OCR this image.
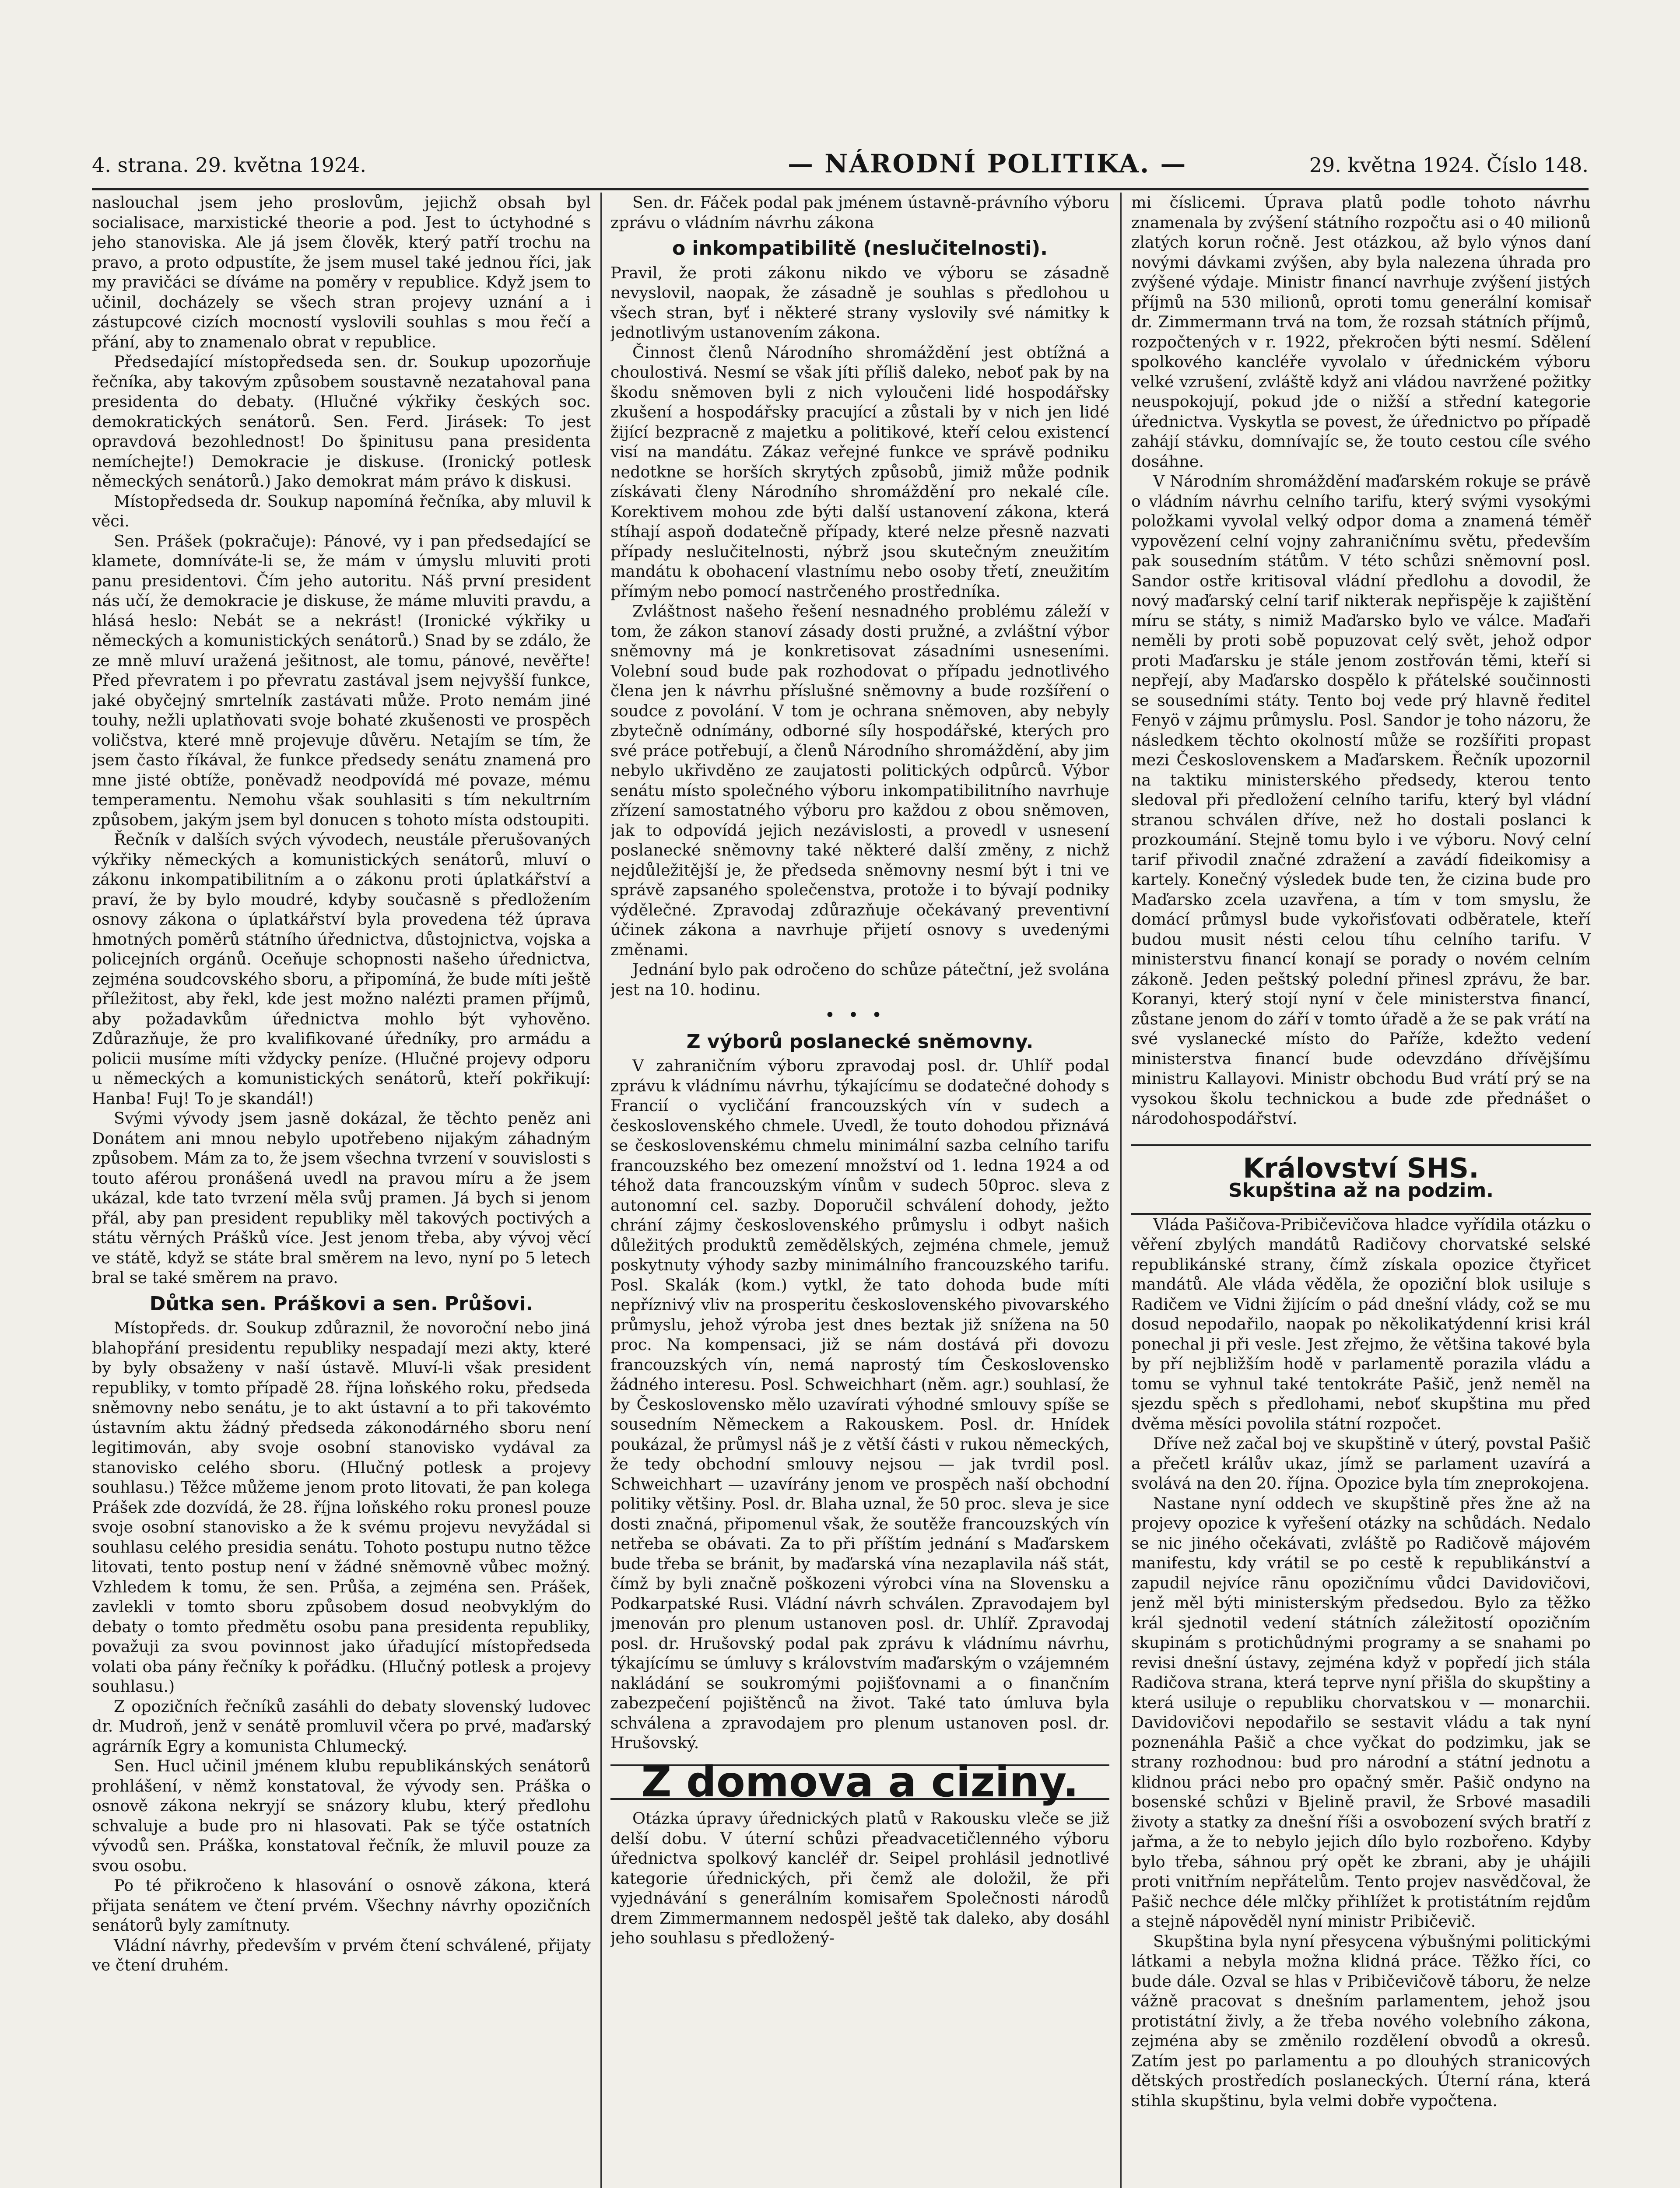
4. strana. 29. května 1924.	— NÁRODNÍ POLITIKA. —	29. května 1924. Číslo 148.

naslouchal jsem jeho proslovům, jejichž obsah byl socialisace, marxistické theorie a pod. Jest to úctyhodné s jeho stanoviska. Ale já jsem člověk, který patří trochu na pravo, a proto odpustíte, že jsem musel také jednou říci, jak my pravičáci se díváme na poměry v republice. Když jsem to učinil, docházely se všech stran projevy uznání a i zástupcové cizích mocností vyslovili souhlas s mou řečí a přání, aby to znamenalo obrat v republice.

Předsedající místopředseda sen. dr. Soukup upozorňuje řečníka, aby takovým způsobem soustavně nezatahoval pana presidenta do debaty. (Hlučné výkřiky českých soc. demokratických senátorů. Sen. Ferd. Jirásek: To jest opravdová bezohlednost! Do špinitusu pana presidenta nemíchejte!) Demokracie je diskuse. (Ironický potlesk německých senátorů.) Jako demokrat mám právo k diskusi.

Místopředseda dr. Soukup napomíná řečníka, aby mluvil k věci.

Sen. Prášek (pokračuje): Pánové, vy i pan předsedající se klamete, domníváte-li se, že mám v úmyslu mluviti proti panu presidentovi. Čím jeho autoritu. Náš první president nás učí, že demokracie je diskuse, že máme mluviti pravdu, a hlásá heslo: Nebát se a nekrást! (Ironické výkřiky u německých a komunistických senátorů.) Snad by se zdálo, že ze mně mluví uražená ješitnost, ale tomu, pánové, nevěřte! Před převratem i po převratu zastával jsem nejvyšší funkce, jaké obyčejný smrtelník zastávati může. Proto nemám jiné touhy, nežli uplatňovati svoje bohaté zkušenosti ve prospěch voličstva, které mně projevuje důvěru. Netajím se tím, že jsem často říkával, že funkce předsedy senátu znamená pro mne jisté obtíže, poněvadž neodpovídá mé povaze, mému temperamentu. Nemohu však souhlasiti s tím nekultrním způsobem, jakým jsem byl donucen s tohoto místa odstoupiti.

Řečník v dalších svých vývodech, neustále přerušovaných výkřiky německých a komunistických senátorů, mluví o zákonu inkompatibilitním a o zákonu proti úplatkářství a praví, že by bylo moudré, kdyby současně s předložením osnovy zákona o úplatkářství byla provedena též úprava hmotných poměrů státního úřednictva, důstojnictva, vojska a policejních orgánů. Oceňuje schopnosti našeho úřednictva, zejména soudcovského sboru, a připomíná, že bude míti ještě příležitost, aby řekl, kde jest možno nalézti pramen příjmů, aby požadavkům úřednictva mohlo být vyhověno. Zdůrazňuje, že pro kvalifikované úředníky, pro armádu a policii musíme míti vždycky peníze. (Hlučné projevy odporu u německých a komunistických senátorů, kteří pokřikují: Hanba! Fuj! To je skandál!)

Svými vývody jsem jasně dokázal, že těchto peněz ani Donátem ani mnou nebylo upotřebeno nijakým záhadným způsobem. Mám za to, že jsem všechna tvrzení v souvislosti s touto aférou pronášená uvedl na pravou míru a že jsem ukázal, kde tato tvrzení měla svůj pramen. Já bych si jenom přál, aby pan president republiky měl takových poctivých a státu věrných Prášků více. Jest jenom třeba, aby vývoj věcí ve státě, když se státe bral směrem na levo, nyní po 5 letech bral se také směrem na pravo.

Důtka sen. Práškovi a sen. Průšovi.

Místopředs. dr. Soukup zdůraznil, že novoroční nebo jiná blahopřání presidentu republiky nespadají mezi akty, které by byly obsaženy v naší ústavě. Mluví-li však president republiky, v tomto případě 28. října loňského roku, předseda sněmovny nebo senátu, je to akt ústavní a to při takovémto ústavním aktu žádný předseda zákonodárného sboru není legitimován, aby svoje osobní stanovisko vydával za stanovisko celého sboru. (Hlučný potlesk a projevy souhlasu.) Těžce můžeme jenom proto litovati, že pan kolega Prášek zde dozvídá, že 28. října loňského roku pronesl pouze svoje osobní stanovisko a že k svému projevu nevyžádal si souhlasu celého presidia senátu. Tohoto postupu nutno těžce litovati, tento postup není v žádné sněmovně vůbec možný. Vzhledem k tomu, že sen. Průša, a zejména sen. Prášek, zavlekli v tomto sboru způsobem dosud neobvyklým do debaty o tomto předmětu osobu pana presidenta republiky, považuji za svou povinnost jako úřadující místopředseda volati oba pány řečníky k pořádku. (Hlučný potlesk a projevy souhlasu.)

Z opozičních řečníků zasáhli do debaty slovenský ludovec dr. Mudroň, jenž v senátě promluvil včera po prvé, maďarský agrárník Egry a komunista Chlumecký.

Sen. Hucl učinil jménem klubu republikánských senátorů prohlášení, v němž konstatoval, že vývody sen. Práška o osnově zákona nekryjí se snázory klubu, který předlohu schvaluje a bude pro ni hlasovati. Pak se týče ostatních vývodů sen. Práška, konstatoval řečník, že mluvil pouze za svou osobu.

Po té přikročeno k hlasování o osnově zákona, která přijata senátem ve čtení prvém. Všechny návrhy opozičních senátorů byly zamítnuty.

Vládní návrhy, především v prvém čtení schválené, přijaty ve čtení druhém.

Sen. dr. Fáček podal pak jménem ústavně-právního výboru zprávu o vládním návrhu zákona

o inkompatibilitě (neslučitelnosti).

Pravil, že proti zákonu nikdo ve výboru se zásadně nevyslovil, naopak, že zásadně je souhlas s předlohou u všech stran, byť i některé strany vyslovily své námitky k jednotlivým ustanovením zákona.

Činnost členů Národního shromáždění jest obtížná a choulostivá. Nesmí se však jíti příliš daleko, neboť pak by na škodu sněmoven byli z nich vyloučeni lidé hospodářsky zkušení a hospodářsky pracující a zůstali by v nich jen lidé žijící bezpracně z majetku a politikové, kteří celou existencí visí na mandátu. Zákaz veřejné funkce ve správě podniku nedotkne se horších skrytých způsobů, jimiž může podnik získávati členy Národního shromáždění pro nekalé cíle. Korektivem mohou zde býti další ustanovení zákona, která stíhají aspoň dodatečně případy, které nelze přesně nazvati případy neslučitelnosti, nýbrž jsou skutečným zneužitím mandátu k obohacení vlastnímu nebo osoby třetí, zneužitím přímým nebo pomocí nastrčeného prostředníka.

Zvláštnost našeho řešení nesnadného problému záleží v tom, že zákon stanoví zásady dosti pružné, a zvláštní výbor sněmovny má je konkretisovat zásadními usneseními. Volební soud bude pak rozhodovat o případu jednotlivého člena jen k návrhu příslušné sněmovny a bude rozšíření o soudce z povolání. V tom je ochrana sněmoven, aby nebyly zbytečně odnímány, odborné síly hospodářské, kterých pro své práce potřebují, a členů Národního shromáždění, aby jim nebylo ukřivděno ze zaujatosti politických odpůrců. Výbor senátu místo společného výboru inkompatibilitního navrhuje zřízení samostatného výboru pro každou z obou sněmoven, jak to odpovídá jejich nezávislosti, a provedl v usnesení poslanecké sněmovny také některé další změny, z nichž nejdůležitější je, že předseda sněmovny nesmí být i tni ve správě zapsaného společenstva, protože i to bývají podniky výdělečné. Zpravodaj zdůrazňuje očekávaný preventivní účinek zákona a navrhuje přijetí osnovy s uvedenými změnami.

Jednání bylo pak odročeno do schůze pátečtní, jež svolána jest na 10. hodinu.

•••
Z výborů poslanecké sněmovny.

V zahraničním výboru zpravodaj posl. dr. Uhlíř podal zprávu k vládnímu návrhu, týkajícímu se dodatečné dohody s Francií o vycličání francouzských vín v sudech a československého chmele. Uvedl, že touto dohodou přiznává se československému chmelu minimální sazba celního tarifu francouzského bez omezení množství od 1. ledna 1924 a od téhož data francouzským vínům v sudech 50proc. sleva z autonomní cel. sazby. Doporučil schválení dohody, ježto chrání zájmy československého průmyslu i odbyt našich důležitých produktů zemědělských, zejména chmele, jemuž poskytnuty výhody sazby minimálního francouzského tarifu. Posl. Skalák (kom.) vytkl, že tato dohoda bude míti nepříznivý vliv na prosperitu československého pivovarského průmyslu, jehož výroba jest dnes beztak již snížena na 50 proc. Na kompensaci, již se nám dostává při dovozu francouzských vín, nemá naprostý tím Československo žádného interesu. Posl. Schweichhart (něm. agr.) souhlasí, že by Československo mělo uzavírati výhodné smlouvy spíše se sousedním Německem a Rakouskem. Posl. dr. Hnídek poukázal, že průmysl náš je z větší části v rukou německých, že tedy obchodní smlouvy nejsou — jak tvrdil posl. Schweichhart — uzavírány jenom ve prospěch naší obchodní politiky většiny. Posl. dr. Blaha uznal, že 50 proc. sleva je sice dosti značná, připomenul však, že soutěže francouzských vín netřeba se obávati. Za to při příštím jednání s Maďarskem bude třeba se bránit, by maďarská vína nezaplavila náš stát, čímž by byli značně poškozeni výrobci vína na Slovensku a Podkarpatské Rusi. Vládní návrh schválen. Zpravodajem byl jmenován pro plenum ustanoven posl. dr. Uhlíř. Zpravodaj posl. dr. Hrušovský podal pak zprávu k vládnímu návrhu, týkajícímu se úmluvy s královstvím maďarským o vzájemném nakládání se soukromými pojišťovnami a o finančním zabezpečení pojištěnců na život. Také tato úmluva byla schválena a zpravodajem pro plenum ustanoven posl. dr. Hrušovský.

Z domova a ciziny.

Otázka úpravy úřednických platů v Rakousku vleče se již delší dobu. V úterní schůzi přeadvacetičlenného výboru úřednictva spolkový kancléř dr. Seipel prohlásil jednotlivé kategorie úřednických, při čemž ale doložil, že při vyjednávání s generálním komisařem Společnosti národů drem Zimmermannem nedospěl ještě tak daleko, aby dosáhl jeho souhlasu s předložený-

mi číslicemi. Úprava platů podle tohoto návrhu znamenala by zvýšení státního rozpočtu asi o 40 milionů zlatých korun ročně. Jest otázkou, až bylo výnos daní novými dávkami zvýšen, aby byla nalezena úhrada pro zvýšené výdaje. Ministr financí navrhuje zvýšení jistých příjmů na 530 milionů, oproti tomu generální komisař dr. Zimmermann trvá na tom, že rozsah státních příjmů, rozpočtených v r. 1922, překročen býti nesmí. Sdělení spolkového kancléře vyvolalo v úřednickém výboru velké vzrušení, zvláště když ani vládou navržené požitky neuspokojují, pokud jde o nižší a střední kategorie úřednictva. Vyskytla se povest, že úřednictvo po případě zahájí stávku, domnívajíc se, že touto cestou cíle svého dosáhne.

V Národním shromáždění maďarském rokuje se právě o vládním návrhu celního tarifu, který svými vysokými položkami vyvolal velký odpor doma a znamená téměř vypovězení celní vojny zahraničnímu světu, především pak sousedním státům. V této schůzi sněmovní posl. Sandor ostře kritisoval vládní předlohu a dovodil, že nový maďarský celní tarif nikterak nepřispěje k zajištění míru se státy, s nimiž Maďarsko bylo ve válce. Maďaři neměli by proti sobě popuzovat celý svět, jehož odpor proti Maďarsku je stále jenom zostřován těmi, kteří si nepřejí, aby Maďarsko dospělo k přátelské součinnosti se sousedními státy. Tento boj vede prý hlavně ředitel Fenyö v zájmu průmyslu. Posl. Sandor je toho názoru, že následkem těchto okolností může se rozšířiti propast mezi Československem a Maďarskem. Řečník upozornil na taktiku ministerského předsedy, kterou tento sledoval při předložení celního tarifu, který byl vládní stranou schválen dříve, než ho dostali poslanci k prozkoumání. Stejně tomu bylo i ve výboru. Nový celní tarif přivodil značné zdražení a zavádí fideikomisy a kartely. Konečný výsledek bude ten, že cizina bude pro Maďarsko zcela uzavřena, a tím v tom smyslu, že domácí průmysl bude vykořisťovati odběratele, kteří budou musit nésti celou tíhu celního tarifu. V ministerstvu financí konají se porady o novém celním zákoně. Jeden peštský polední přinesl zprávu, že bar. Koranyi, který stojí nyní v čele ministerstva financí, zůstane jenom do září v tomto úřadě a že se pak vrátí na své vyslanecké místo do Paříže, kdežto vedení ministerstva financí bude odevzdáno dřívějšímu ministru Kallayovi. Ministr obchodu Bud vrátí prý se na vysokou školu technickou a bude zde přednášet o národohospodářství.

Království SHS.
Skupština až na podzim.

Vláda Pašičova-Pribičevičova hladce vyřídila otázku o věření zbylých mandátů Radičovy chorvatské selské republikánské strany, čímž získala opozice čtyřicet mandátů. Ale vláda věděla, že opoziční blok usiluje s Radičem ve Vidni žijícím o pád dnešní vlády, což se mu dosud nepodařilo, naopak po několikatýdenní krisi král ponechal ji při vesle. Jest zřejmo, že většina takové byla by pří nejbližším hodě v parlamentě porazila vládu a tomu se vyhnul také tentokráte Pašič, jenž neměl na sjezdu spěch s předlohami, neboť skupština mu před dvěma měsíci povolila státní rozpočet.

Dříve než začal boj ve skupštině v úterý, povstal Pašič a přečetl králův ukaz, jímž se parlament uzavírá a svolává na den 20. října. Opozice byla tím zneprokojena.

Nastane nyní oddech ve skupštině přes žne až na projevy opozice k vyřešení otázky na schůdách. Nedalo se nic jiného očekávati, zvláště po Radičově májovém manifestu, kdy vrátil se po cestě k republikánství a zapudil nejvíce rānu opozičnímu vůdci Davidovičovi, jenž měl býti ministerským předsedou. Bylo za těžko král sjednotil vedení státních záležitostí opozičním skupinám s protichůdnými programy a se snahami po revisi dnešní ústavy, zejména když v popředí jich stála Radičova strana, která teprve nyní přišla do skupštiny a která usiluje o republiku chorvatskou v — monarchii. Davidovičovi nepodařilo se sestavit vládu a tak nyní poznenáhla Pašič a chce vyčkat do podzimku, jak se strany rozhodnou: bud pro národní a státní jednotu a klidnou práci nebo pro opačný směr. Pašič ondyno na bosenské schůzi v Bjelině pravil, že Srbové masadili životy a statky za dnešní říši a osvobození svých bratří z jařma, a že to nebylo jejich dílo bylo rozbořeno. Kdyby bylo třeba, sáhnou prý opět ke zbrani, aby je uhájili proti vnitřním nepřátelům. Tento projev nasvědčoval, že Pašič nechce déle mlčky přihlížet k protistátním rejdům a stejně nápověděl nyní ministr Pribičevič.

Skupština byla nyní přesycena výbušnými politickými látkami a nebyla možna klidná práce. Těžko říci, co bude dále. Ozval se hlas v Pribičevičově táboru, že nelze vážně pracovat s dnešním parlamentem, jehož jsou protistátní živly, a že třeba nového volebního zákona, zejména aby se změnilo rozdělení obvodů a okresů. Zatím jest po parlamentu a po dlouhých stranicových dětských prostředích poslaneckých. Úterní rána, která stihla skupštinu, byla velmi dobře vypočtena.
